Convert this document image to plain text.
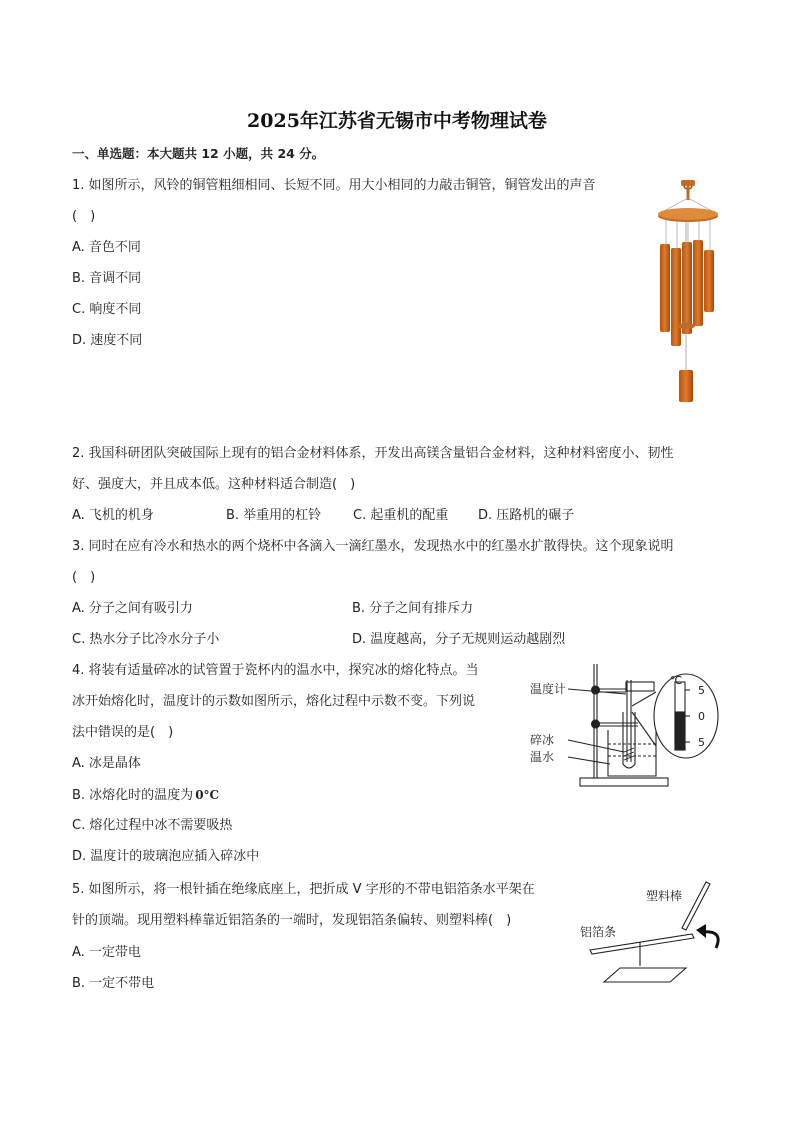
2025年江苏省无锡市中考物理试卷
一、单选题：本大题共 12 小题，共 24 分。
1. 如图所示，风铃的铜管粗细相同、长短不同。用大小相同的力敲击铜管，铜管发出的声音
(　)
A. 音色不同
B. 音调不同
C. 响度不同
D. 速度不同
2. 我国科研团队突破国际上现有的铝合金材料体系，开发出高镁含量铝合金材料，这种材料密度小、韧性
好、强度大，并且成本低。这种材料适合制造(　)
A. 飞机的机身	B. 举重用的杠铃 C. 起重机的配重 D. 压路机的碾子
3. 同时在应有冷水和热水的两个烧杯中各滴入一滴红墨水，发现热水中的红墨水扩散得快。这个现象说明
(　)
A. 分子之间有吸引力	B. 分子之间有排斥力
C. 热水分子比冷水分子小	D. 温度越高，分子无规则运动越剧烈
4. 将装有适量碎冰的试管置于瓷杯内的温水中，探究冰的熔化特点。当
冰开始熔化时，温度计的示数如图所示，熔化过程中示数不变。下列说
法中错误的是(　)
A. 冰是晶体
B. 冰熔化时的温度为 0°C
C. 熔化过程中冰不需要吸热
D. 温度计的玻璃泡应插入碎冰中
温度计
碎冰
温水
℃
5
0
5
5. 如图所示，将一根针插在绝缘底座上，把折成 V 字形的不带电铝箔条水平架在
针的顶端。现用塑料棒靠近铝箔条的一端时，发现铝箔条偏转、则塑料棒(　)
A. 一定带电
B. 一定不带电
塑料棒
铝箔条
